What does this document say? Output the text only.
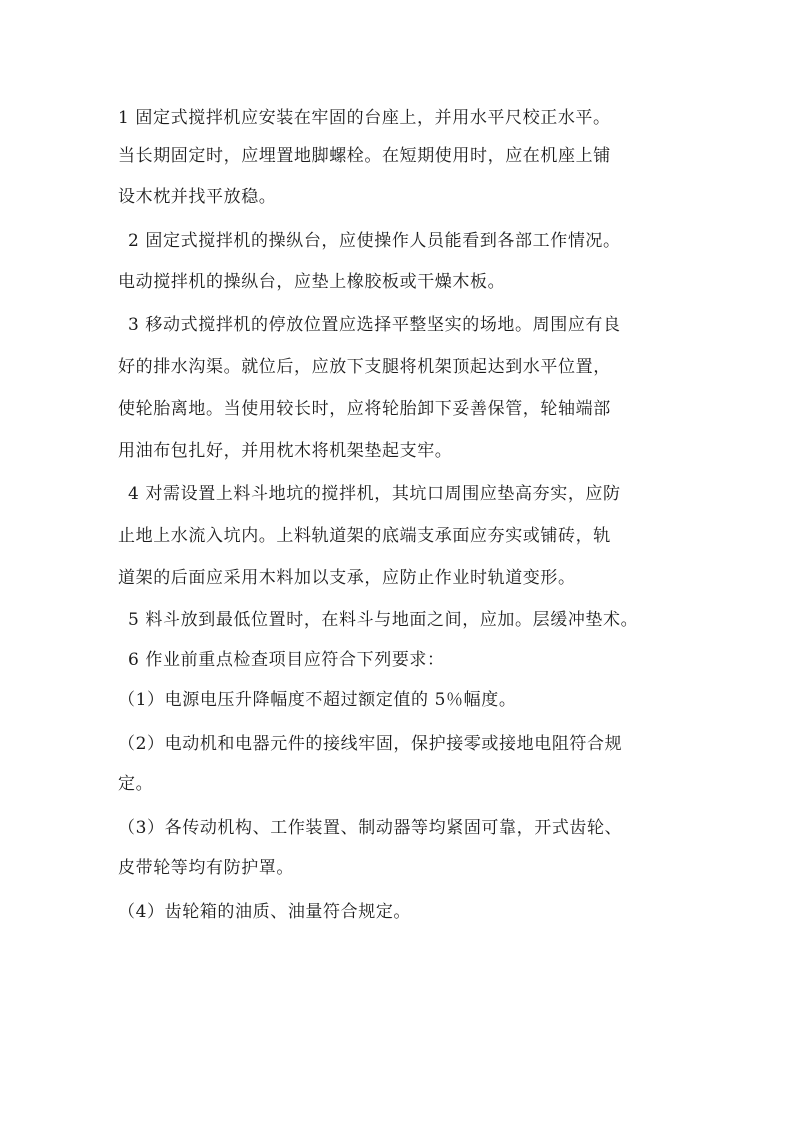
1 固定式搅拌机应安装在牢固的台座上，并用水平尺校正水平。
当长期固定时，应埋置地脚螺栓。在短期使用时，应在机座上铺
设木枕并找平放稳。
2 固定式搅拌机的操纵台，应使操作人员能看到各部工作情况。
电动搅拌机的操纵台，应垫上橡胶板或干燥木板。
3 移动式搅拌机的停放位置应选择平整坚实的场地。周围应有良
好的排水沟渠。就位后，应放下支腿将机架顶起达到水平位置，
使轮胎离地。当使用较长时，应将轮胎卸下妥善保管，轮轴端部
用油布包扎好，并用枕木将机架垫起支牢。
4 对需设置上料斗地坑的搅拌机，其坑口周围应垫高夯实，应防
止地上水流入坑内。上料轨道架的底端支承面应夯实或铺砖，轨
道架的后面应采用木料加以支承，应防止作业时轨道变形。
5 料斗放到最低位置时，在料斗与地面之间，应加。层缓冲垫术。
6 作业前重点检查项目应符合下列要求：
（1）电源电压升降幅度不超过额定值的 5％幅度。
（2）电动机和电器元件的接线牢固，保护接零或接地电阻符合规
定。
（3）各传动机构、工作装置、制动器等均紧固可靠，开式齿轮、
皮带轮等均有防护罩。
（4）齿轮箱的油质、油量符合规定。
